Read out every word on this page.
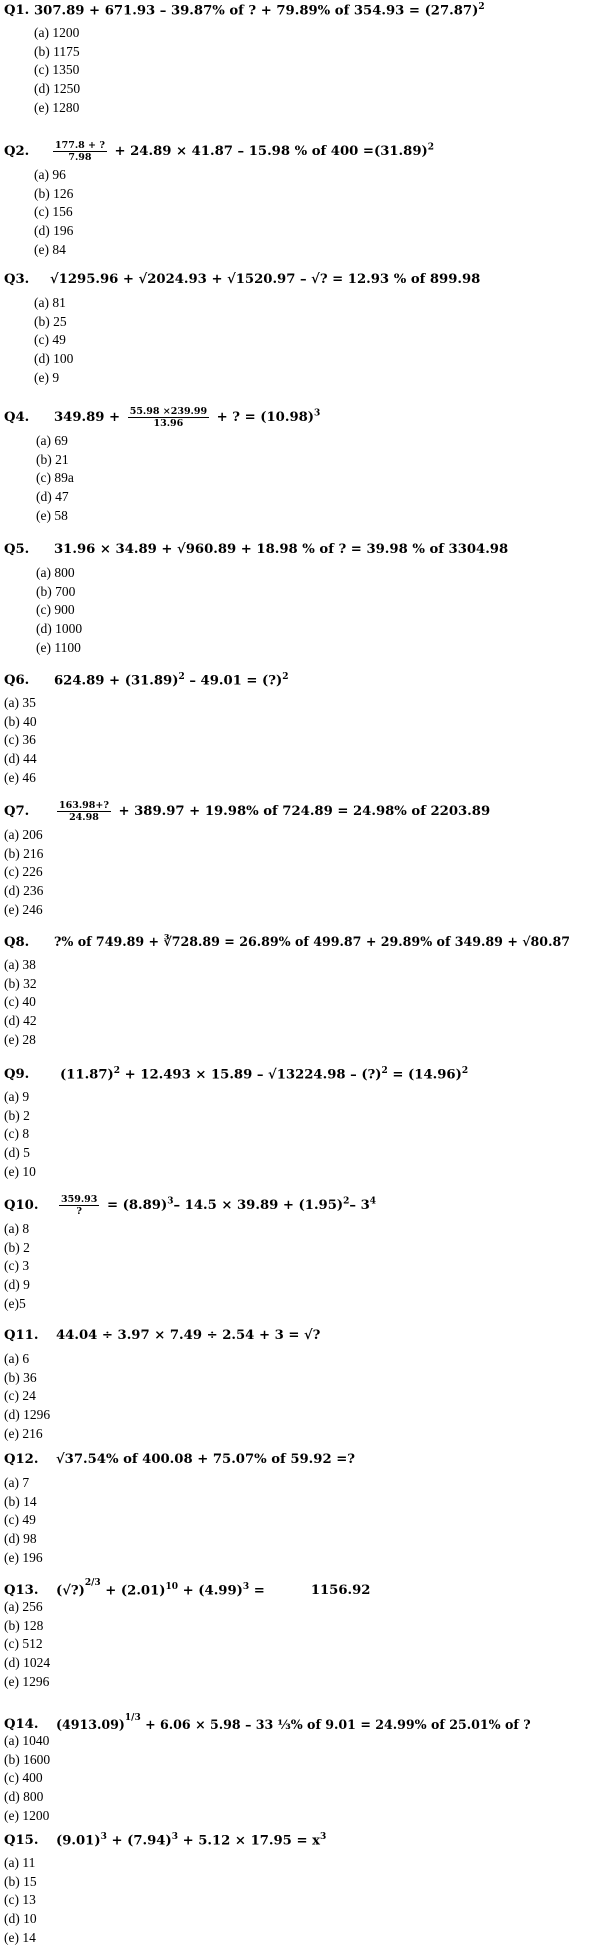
Q1. 307.89 + 671.93 – 39.87% of ? + 79.89% of $354.93 = (27.87)^2$
(a) 1200
(b) 1175
(c) 1350
(d) 1250
(e) 1280
Q2.	$\frac{177.8 + ?}{7.98} + 24.89 \times 41.87 - 15.98$ % of $400 =(31.89)^2$
(a) 96
(b) 126
(c) 156
(d) 196
(e) 84
Q3.	√1295.96 + √2024.93 + √1520.97 – √? = 12.93 % of 899.98
(a) 81
(b) 25
(c) 49
(d) 100
(e) 9
Q4.	$349.89 + \frac{55.98 \times 239.99}{13.96}$ + ? = $(10.98)^3$
(a) 69
(b) 21
(c) 89a
(d) 47
(e) 58
Q5.	31.96 × 34.89 + √960.89 + 18.98 % of ? = 39.98 % of 3304.98
(a) 800
(b) 700
(c) 900
(d) 1000
(e) 1100
Q6.	$624.89 + (31.89)^2 - 49.01$ = (?)$^2$
(a) 35
(b) 40
(c) 36
(d) 44
(e) 46
Q7.	$\frac{163.98+?}{24.98} + 389.97 + 19.98\%$ of 724.89 = 24.98% of 2203.89
(a) 206
(b) 216
(c) 226
(d) 236
(e) 246
Q8.	?% of 749.89 + ∛728.89 = 26.89% of 499.87 + 29.89% of 349.89 + √80.87
(a) 38
(b) 32
(c) 40
(d) 42
(e) 28
Q9.	$(11.87)^2 + 12.493 \times 15.89 - √13224.98$ – (?)$^2$ = $(14.96)^2$
(a) 9
(b) 2
(c) 8
(d) 5
(e) 10
Q10.	$\frac{359.93}{?} = (8.89)^3-$ $14.5 \times 39.89 + (1.95)^2-$ $3^4$
(a) 8
(b) 2
(c) 3
(d) 9
(e)5
Q11.	44.04 ÷ 3.97 × 7.49 ÷ 2.54 + 3 = √?
(a) 6
(b) 36
(c) 24
(d) 1296
(e) 216
Q12.	√37.54% of 400.08 + 75.07% of 59.92 =?
(a) 7
(b) 14
(c) 49
(d) 98
(e) 196
Q13.	(√?)$^{2/3}$ + $(2.01)^{10} + (4.99)^3$ =	1156.92
(a) 256
(b) 128
(c) 512
(d) 1024
(e) 1296
Q14.	$(4913.09)^{1/3} + 6.06 \times 5.98 - 33$ ⅓% of 9.01 = 24.99% of 25.01% of ?
(a) 1040
(b) 1600
(c) 400
(d) 800
(e) 1200
Q15.	$(9.01)^3 + (7.94)^3 + 5.12 \times 17.95 = x^3$
(a) 11
(b) 15
(c) 13
(d) 10
(e) 14
